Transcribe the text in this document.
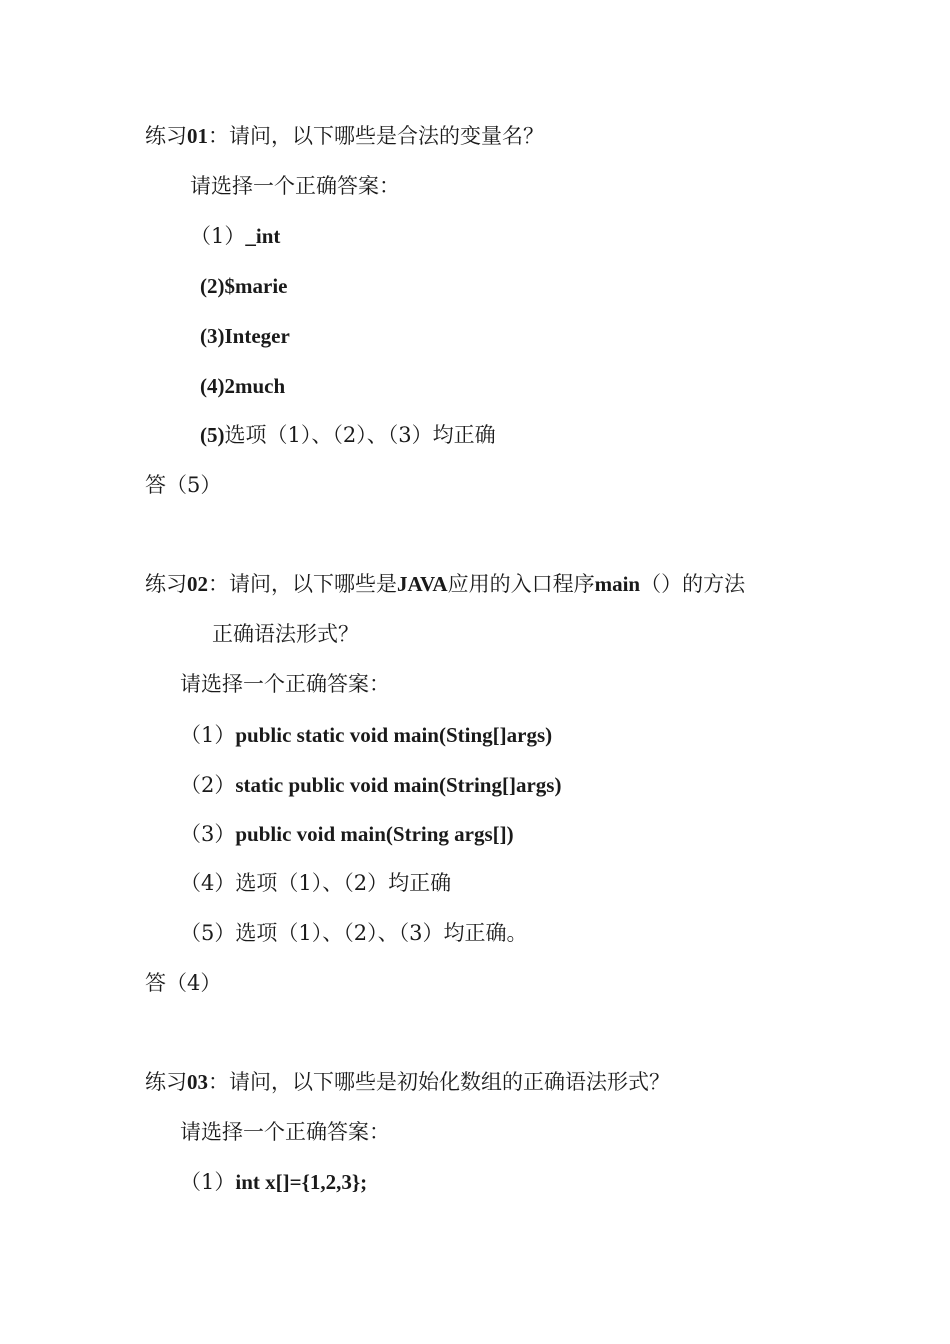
练习01：请问，以下哪些是合法的变量名？
请选择一个正确答案：
（1）_int
(2)$marie
(3)Integer
(4)2much
(5)选项（1）、（2）、（3）均正确
答（5）
练习02：请问，以下哪些是JAVA应用的入口程序main（）的方法
正确语法形式？
请选择一个正确答案：
（1）public static void main(Sting[]args)
（2）static public void main(String[]args)
（3）public void main(String args[])
（4）选项（1）、（2）均正确
（5）选项（1）、（2）、（3）均正确。
答（4）
练习03：请问，以下哪些是初始化数组的正确语法形式？
请选择一个正确答案：
（1）int x[]={1,2,3};
